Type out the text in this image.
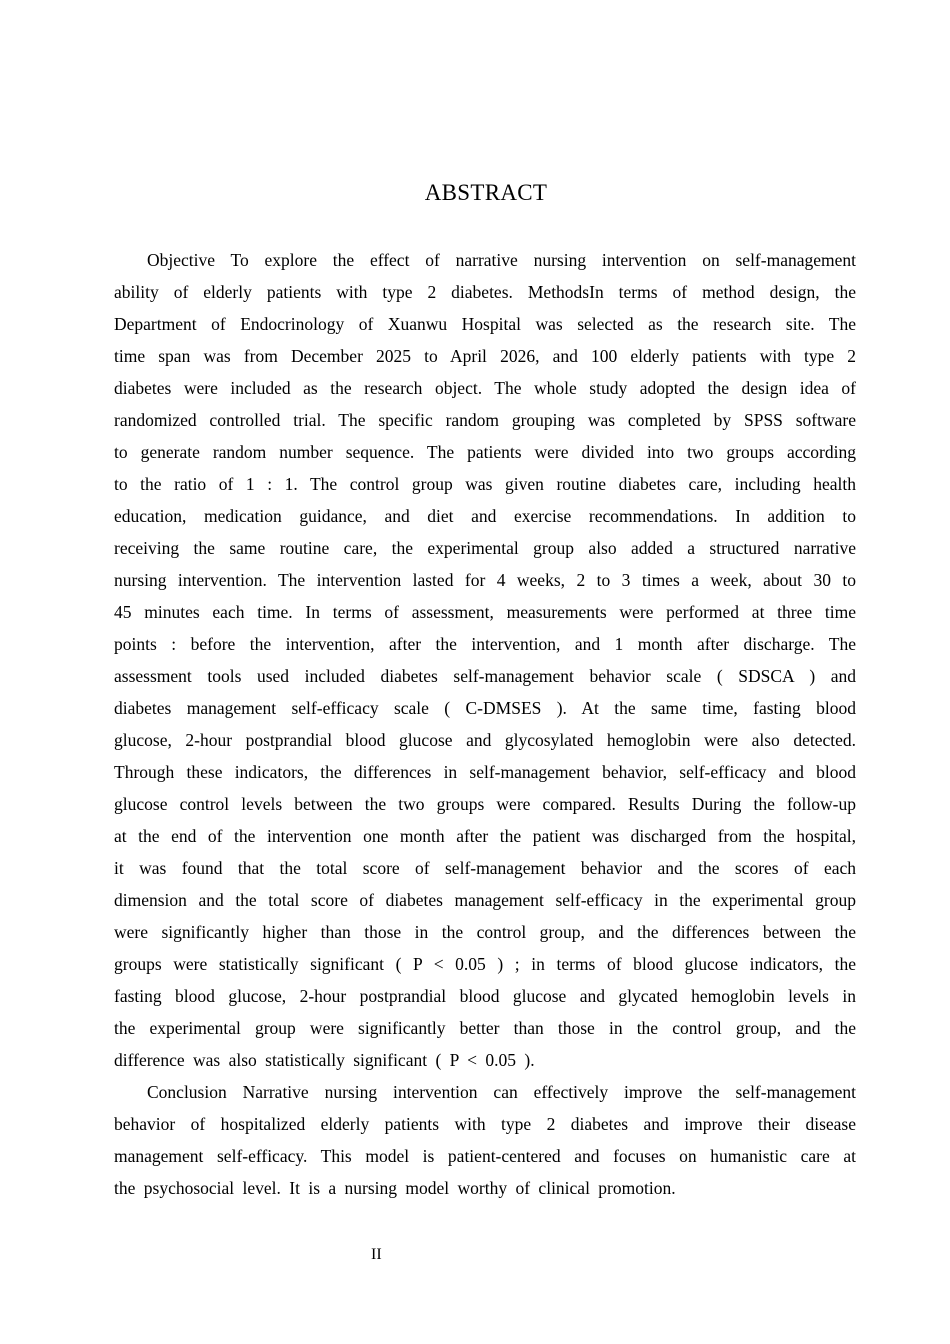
ABSTRACT
Objective To explore the effect of narrative nursing intervention on self-management
ability of elderly patients with type 2 diabetes. MethodsIn terms of method design, the
Department of Endocrinology of Xuanwu Hospital was selected as the research site. The
time span was from December 2025 to April 2026, and 100 elderly patients with type 2
diabetes were included as the research object. The whole study adopted the design idea of
randomized controlled trial. The specific random grouping was completed by SPSS software
to generate random number sequence. The patients were divided into two groups according
to the ratio of 1 : 1. The control group was given routine diabetes care, including health
education, medication guidance, and diet and exercise recommendations. In addition to
receiving the same routine care, the experimental group also added a structured narrative
nursing intervention. The intervention lasted for 4 weeks, 2 to 3 times a week, about 30 to
45 minutes each time. In terms of assessment, measurements were performed at three time
points : before the intervention, after the intervention, and 1 month after discharge. The
assessment tools used included diabetes self-management behavior scale ( SDSCA ) and
diabetes management self-efficacy scale ( C-DMSES ). At the same time, fasting blood
glucose, 2-hour postprandial blood glucose and glycosylated hemoglobin were also detected.
Through these indicators, the differences in self-management behavior, self-efficacy and blood
glucose control levels between the two groups were compared. Results During the follow-up
at the end of the intervention one month after the patient was discharged from the hospital,
it was found that the total score of self-management behavior and the scores of each
dimension and the total score of diabetes management self-efficacy in the experimental group
were significantly higher than those in the control group, and the differences between the
groups were statistically significant ( P < 0.05 ) ; in terms of blood glucose indicators, the
fasting blood glucose, 2-hour postprandial blood glucose and glycated hemoglobin levels in
the experimental group were significantly better than those in the control group, and the
difference was also statistically significant ( P < 0.05 ).
Conclusion Narrative nursing intervention can effectively improve the self-management
behavior of hospitalized elderly patients with type 2 diabetes and improve their disease
management self-efficacy. This model is patient-centered and focuses on humanistic care at
the psychosocial level. It is a nursing model worthy of clinical promotion.
II
